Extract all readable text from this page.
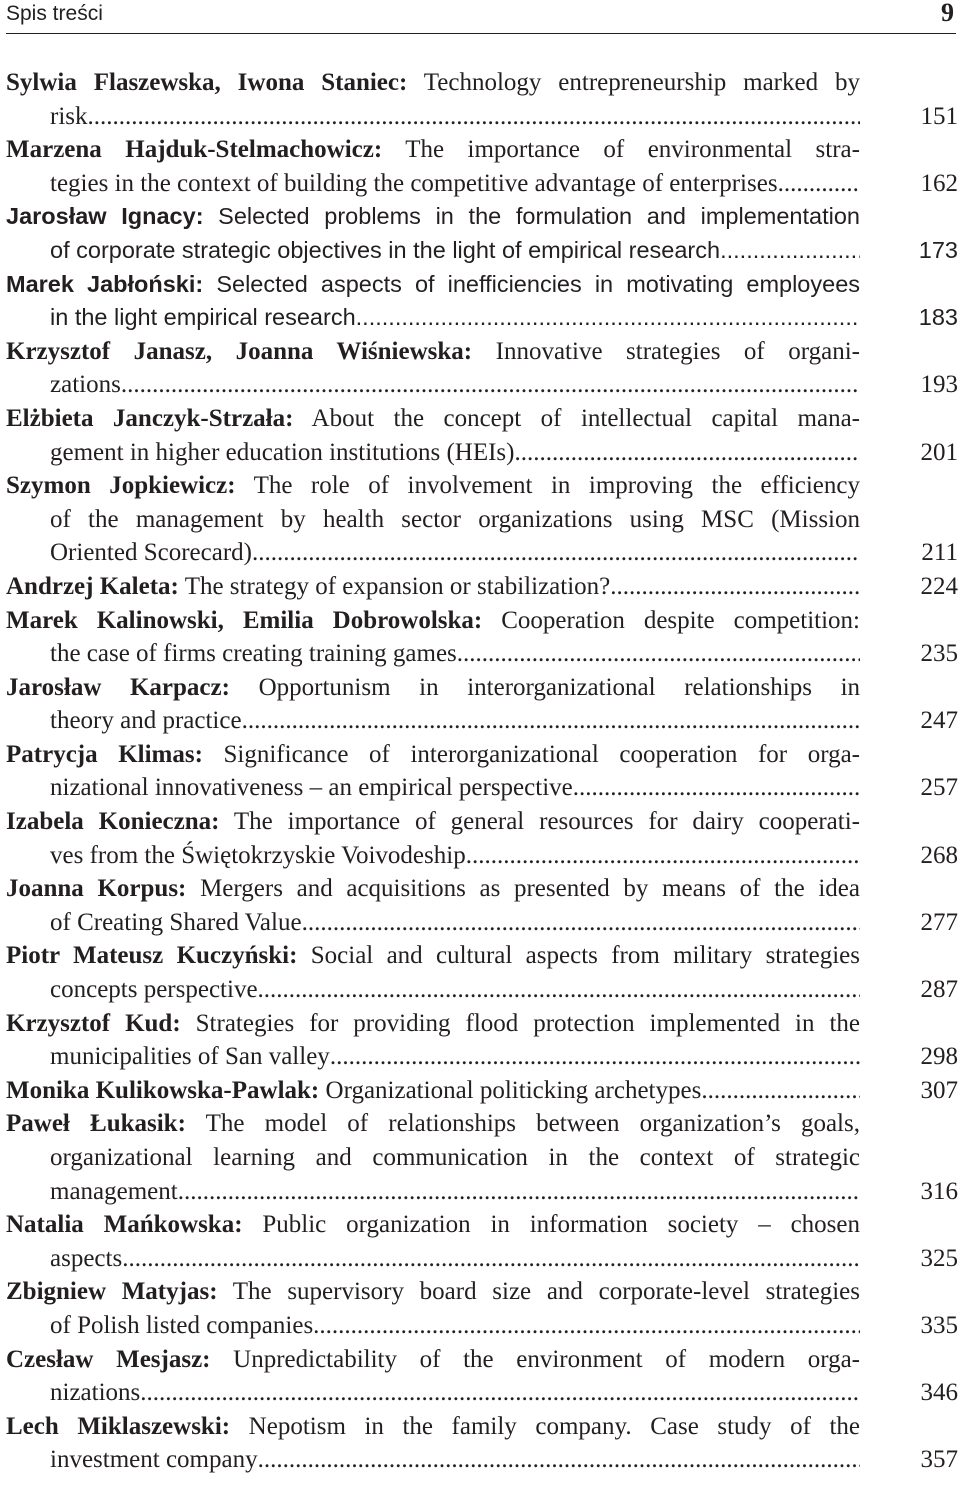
Spis treści	9
Sylwia Flaszewska, Iwona Staniec: Technology entrepreneurship marked by
risk .....	151
Marzena Hajduk-Stelmachowicz: The importance of environmental stra-
tegies in the context of building the competitive advantage of enterprises .....	162
Jarosław Ignacy: Selected problems in the formulation and implementation
of corporate strategic objectives in the light of empirical research .....	173
Marek Jabłoński: Selected aspects of inefficiencies in motivating employees
in the light empirical research .....	183
Krzysztof Janasz, Joanna Wiśniewska: Innovative strategies of organi-
zations .....	193
Elżbieta Janczyk-Strzała: About the concept of intellectual capital mana-
gement in higher education institutions (HEIs) .....	201
Szymon Jopkiewicz: The role of involvement in improving the efficiency
of the management by health sector organizations using MSC (Mission
Oriented Scorecard) .....	211
Andrzej Kaleta: The strategy of expansion or stabilization? .....	224
Marek Kalinowski, Emilia Dobrowolska: Cooperation despite competition:
the case of firms creating training games .....	235
Jarosław Karpacz: Opportunism in interorganizational relationships in
theory and practice .....	247
Patrycja Klimas: Significance of interorganizational cooperation for orga-
nizational innovativeness – an empirical perspective .....	257
Izabela Konieczna: The importance of general resources for dairy cooperati-
ves from the Świętokrzyskie Voivodeship .....	268
Joanna Korpus: Mergers and acquisitions as presented by means of the idea
of Creating Shared Value .....	277
Piotr Mateusz Kuczyński: Social and cultural aspects from military strategies
concepts perspective .....	287
Krzysztof Kud: Strategies for providing flood protection implemented in the
municipalities of San valley .....	298
Monika Kulikowska-Pawlak: Organizational politicking archetypes .....	307
Paweł Łukasik: The model of relationships between organization’s goals,
organizational learning and communication in the context of strategic
management .....	316
Natalia Mańkowska: Public organization in information society – chosen
aspects .....	325
Zbigniew Matyjas: The supervisory board size and corporate-level strategies
of Polish listed companies .....	335
Czesław Mesjasz: Unpredictability of the environment of modern orga-
nizations .....	346
Lech Miklaszewski: Nepotism in the family company. Case study of the
investment company .....	357
